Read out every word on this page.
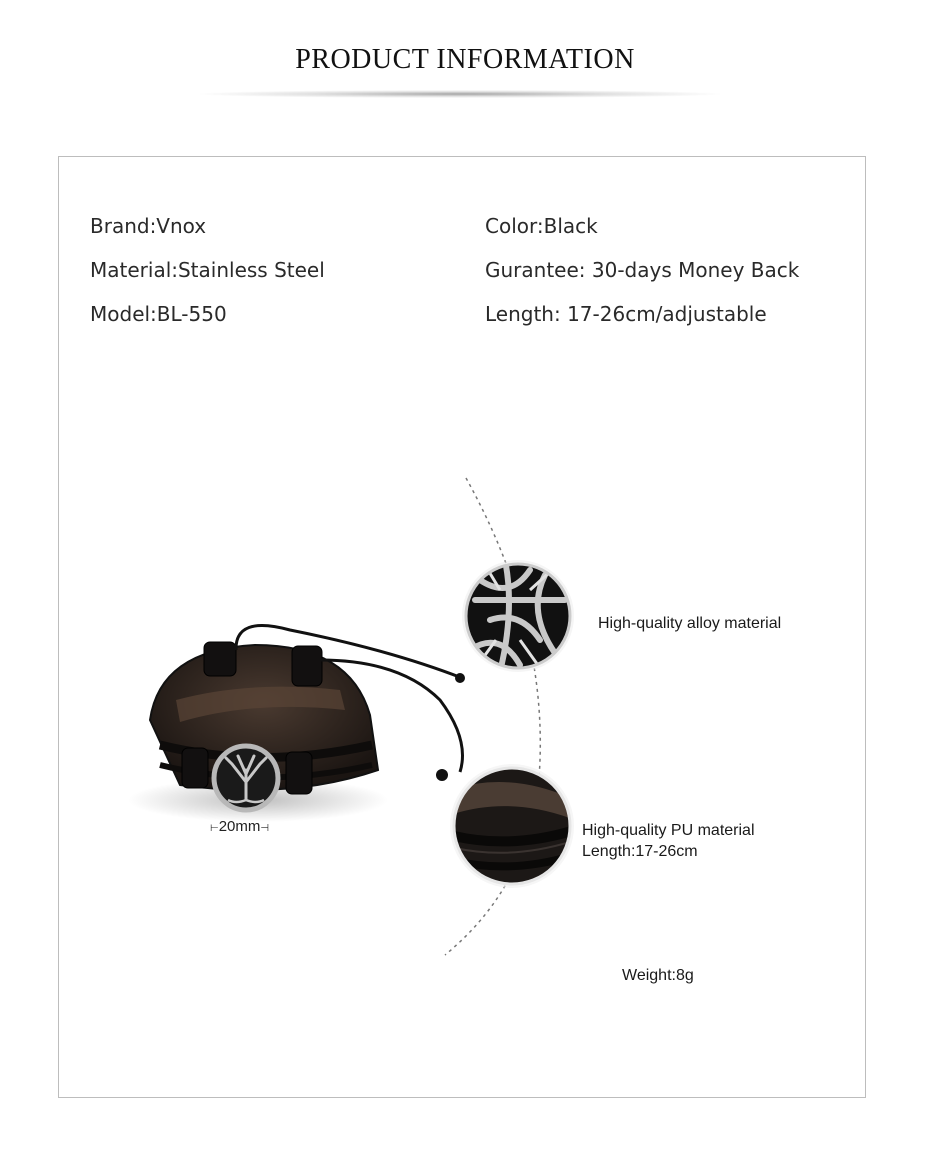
PRODUCT INFORMATION
Brand:Vnox
Material:Stainless Steel
Model:BL-550
Color:Black
Gurantee: 30-days Money Back
Length: 17-26cm/adjustable
⊢20mm⊣
High-quality alloy material
High-quality PU material
Length:17-26cm
Weight:8g
